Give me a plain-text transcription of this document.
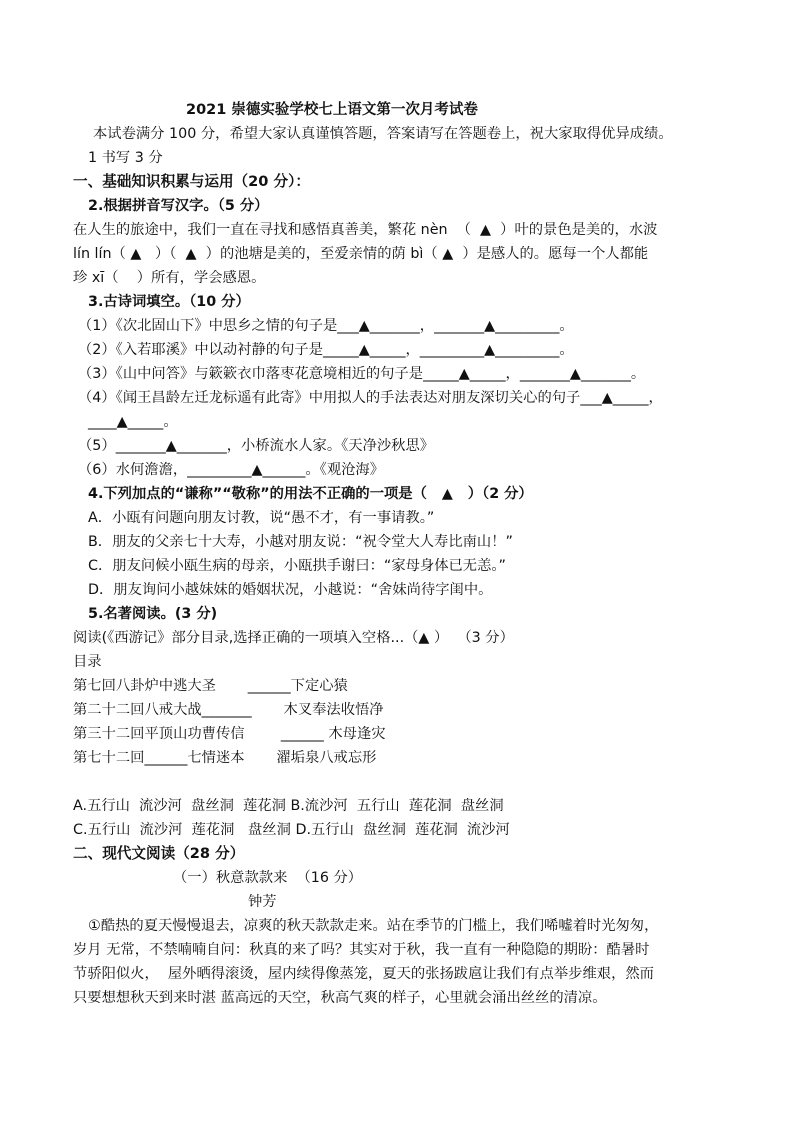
2021 崇德实验学校七上语文第一次月考试卷
本试卷满分 100 分，希望大家认真谨慎答题，答案请写在答题卷上，祝大家取得优异成绩。
1 书写 3 分
一、基础知识积累与运用（20 分）：
2.根据拼音写汉字。（5 分）
在人生的旅途中，我们一直在寻找和感悟真善美，繁花 nèn  （  ▲  ）叶的景色是美的，水波
lín lín（ ▲   ）（  ▲  ）的池塘是美的，至爱亲情的荫 bì（ ▲  ）是感人的。愿每一个人都能
珍 xī（    ）所有，学会感恩。
3.古诗词填空。（10 分）
（1）《次北固山下》中思乡之情的句子是___▲_______，_______▲_________。
（2）《入若耶溪》中以动衬静的句子是_____▲_____，_________▲_________。
（3）《山中问答》与簌簌衣巾落枣花意境相近的句子是_____▲_____，_______▲_______。
（4）《闻王昌龄左迁龙标遥有此寄》中用拟人的手法表达对朋友深切关心的句子___▲_____，
____▲_____。
（5）_______▲_______，小桥流水人家。《天净沙秋思》
（6）水何澹澹，_________▲______。《观沧海》
4.下列加点的“谦称”“敬称”的用法不正确的一项是（   ▲   ）（2 分）
A．小瓯有问题向朋友讨教，说“愚不才，有一事请教。”
B．朋友的父亲七十大寿，小越对朋友说：“祝令堂大人寿比南山！”
C．朋友问候小瓯生病的母亲，小瓯拱手谢曰：“家母身体已无恙。”
D．朋友询问小越妹妹的婚姻状况，小越说：“舍妹尚待字闺中。
5.名著阅读。(3 分)
阅读(《西游记》部分目录,选择正确的一项填入空格...（▲ ）  （3 分）
目录
第七回八卦炉中逃大圣       ______下定心猿
第二十二回八戒大战_______       木叉奉法收悟净
第三十二回平顶山功曹传信        ______ 木母逢灾
第七十二回______七情迷本       濯垢泉八戒忘形
A.五行山  流沙河  盘丝洞  莲花洞 B.流沙河  五行山  莲花洞  盘丝洞
C.五行山  流沙河  莲花洞   盘丝洞 D.五行山  盘丝洞  莲花洞  流沙河
二、现代文阅读（28 分）
（一）秋意款款来  （16 分）
钟芳
①酷热的夏天慢慢退去，凉爽的秋天款款走来。站在季节的门槛上，我们唏嘘着时光匆匆，
岁月 无常，不禁喃喃自问：秋真的来了吗？其实对于秋，我一直有一种隐隐的期盼：酷暑时
节骄阳似火，  屋外晒得滚烫，屋内续得像蒸笼，夏天的张扬跋扈让我们有点举步维艰，然而
只要想想秋天到来时湛 蓝高远的天空，秋高气爽的样子，心里就会涌出丝丝的清凉。
